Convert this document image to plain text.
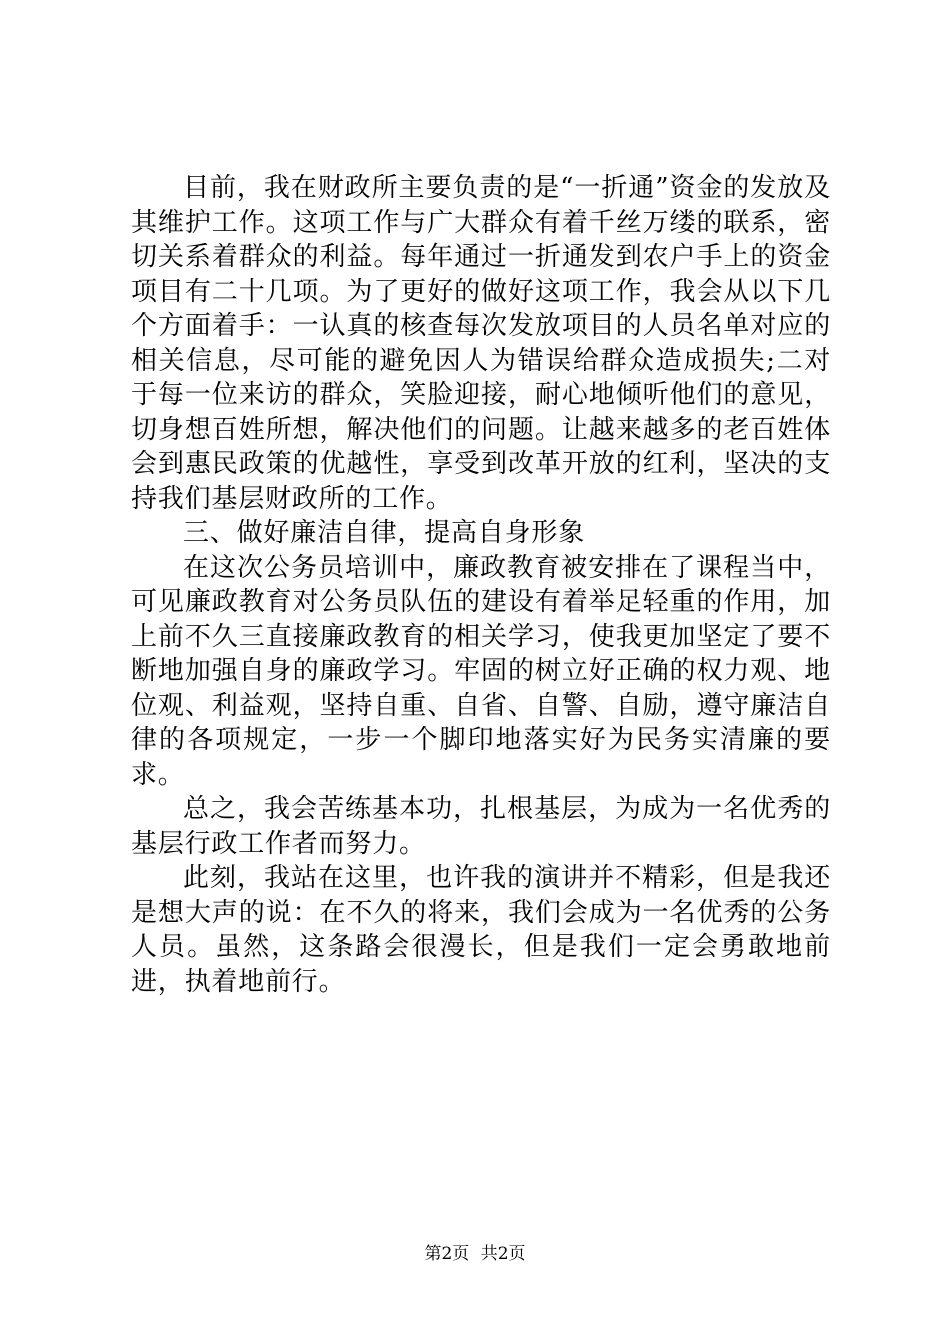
目前，我在财政所主要负责的是“一折通”资金的发放及其维护工作。这项工作与广大群众有着千丝万缕的联系，密切关系着群众的利益。每年通过一折通发到农户手上的资金项目有二十几项。为了更好的做好这项工作，我会从以下几个方面着手：一认真的核查每次发放项目的人员名单对应的相关信息，尽可能的避免因人为错误给群众造成损失;二对于每一位来访的群众，笑脸迎接，耐心地倾听他们的意见，切身想百姓所想，解决他们的问题。让越来越多的老百姓体会到惠民政策的优越性，享受到改革开放的红利，坚决的支持我们基层财政所的工作。

三、做好廉洁自律，提高自身形象

在这次公务员培训中，廉政教育被安排在了课程当中，可见廉政教育对公务员队伍的建设有着举足轻重的作用，加上前不久三直接廉政教育的相关学习，使我更加坚定了要不断地加强自身的廉政学习。牢固的树立好正确的权力观、地位观、利益观，坚持自重、自省、自警、自励，遵守廉洁自律的各项规定，一步一个脚印地落实好为民务实清廉的要求。

总之，我会苦练基本功，扎根基层，为成为一名优秀的基层行政工作者而努力。

此刻，我站在这里，也许我的演讲并不精彩，但是我还是想大声的说：在不久的将来，我们会成为一名优秀的公务人员。虽然，这条路会很漫长，但是我们一定会勇敢地前进，执着地前行。

第2页 共2页
